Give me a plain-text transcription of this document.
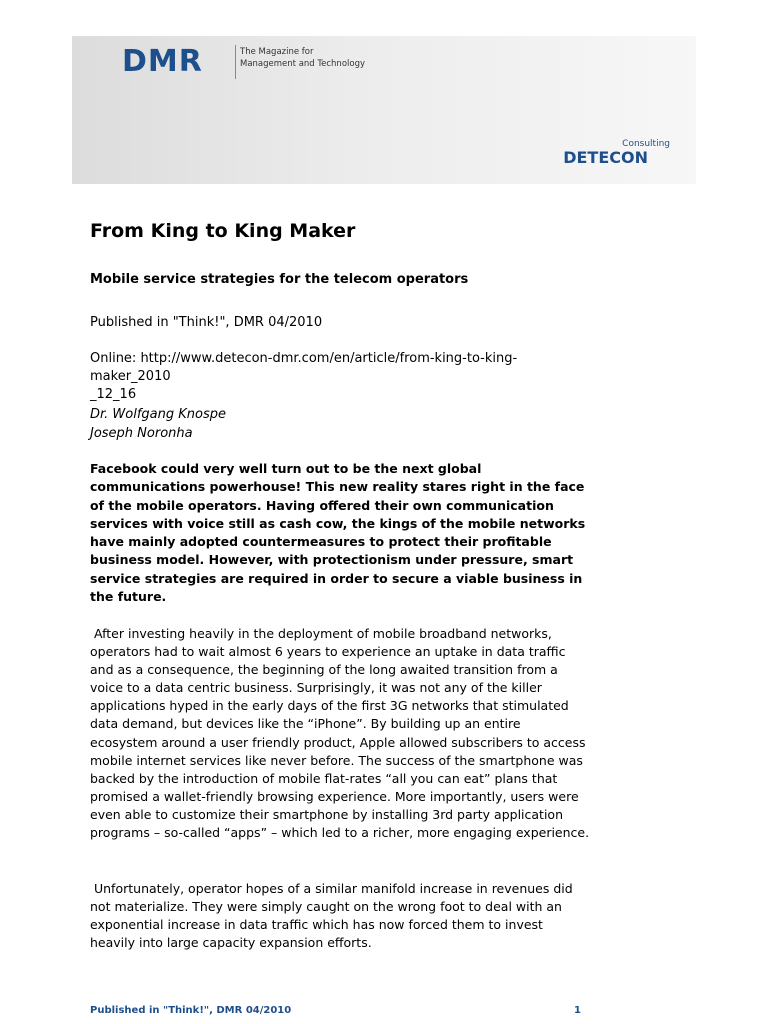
DMR	The Magazine for
Management and Technology
Consulting
DETECON
From King to King Maker
Mobile service strategies for the telecom operators
Published in "Think!", DMR 04/2010
Online: http://www.detecon-dmr.com/en/article/from-king-to-king-maker_2010
_12_16
Dr. Wolfgang Knospe
Joseph Noronha
Facebook could very well turn out to be the next global communications powerhouse! This new reality stares right in the face of the mobile operators. Having offered their own communication services with voice still as cash cow, the kings of the mobile networks have mainly adopted countermeasures to protect their profitable business model. However, with protectionism under pressure, smart service strategies are required in order to secure a viable business in the future.
After investing heavily in the deployment of mobile broadband networks, operators had to wait almost 6 years to experience an uptake in data traffic and as a consequence, the beginning of the long awaited transition from a voice to a data centric business. Surprisingly, it was not any of the killer applications hyped in the early days of the first 3G networks that stimulated data demand, but devices like the “iPhone”. By building up an entire ecosystem around a user friendly product, Apple allowed subscribers to access mobile internet services like never before. The success of the smartphone was backed by the introduction of mobile flat-rates “all you can eat” plans that promised a wallet-friendly browsing experience. More importantly, users were even able to customize their smartphone by installing 3rd party application programs – so-called “apps” – which led to a richer, more engaging experience.
Unfortunately, operator hopes of a similar manifold increase in revenues did not materialize. They were simply caught on the wrong foot to deal with an exponential increase in data traffic which has now forced them to invest heavily into large capacity expansion efforts.
Published in "Think!", DMR 04/2010	1
